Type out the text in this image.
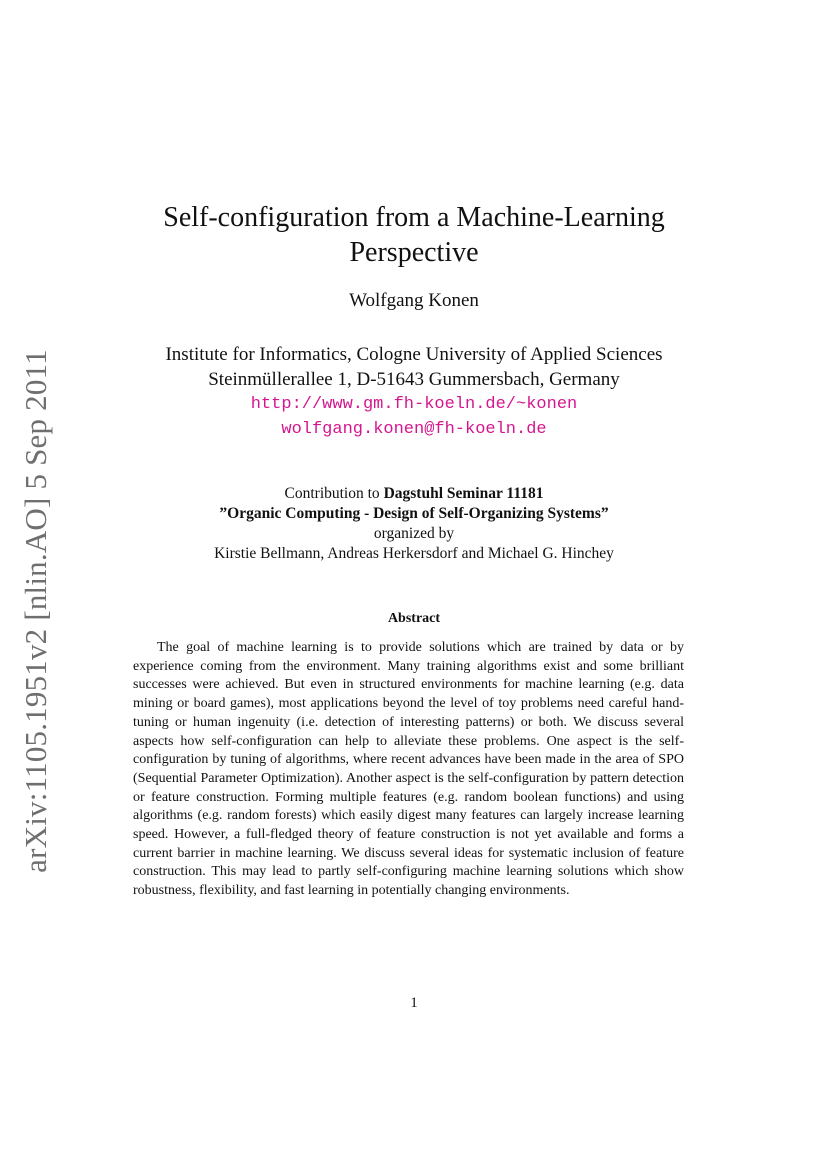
arXiv:1105.1951v2 [nlin.AO] 5 Sep 2011
Self-configuration from a Machine-Learning
Perspective
Wolfgang Konen
Institute for Informatics, Cologne University of Applied Sciences
Steinmüllerallee 1, D-51643 Gummersbach, Germany
http://www.gm.fh-koeln.de/~konen
wolfgang.konen@fh-koeln.de
Contribution to Dagstuhl Seminar 11181
”Organic Computing - Design of Self-Organizing Systems”
organized by
Kirstie Bellmann, Andreas Herkersdorf and Michael G. Hinchey
Abstract
The goal of machine learning is to provide solutions which are trained by data or by experience coming from the environment. Many training algorithms exist and some brilliant successes were achieved. But even in structured environments for machine learning (e.g. data mining or board games), most applications beyond the level of toy problems need careful hand-tuning or human ingenuity (i.e. detection of interesting patterns) or both. We discuss several aspects how self-configuration can help to alleviate these problems. One aspect is the self-configuration by tuning of algorithms, where recent advances have been made in the area of SPO (Sequential Parameter Optimization). Another aspect is the self-configuration by pattern detection or feature construction. Forming multiple features (e.g. random boolean functions) and using algorithms (e.g. random forests) which easily digest many features can largely increase learning speed. However, a full-fledged theory of feature construction is not yet available and forms a current barrier in machine learning. We discuss several ideas for systematic inclusion of feature construction. This may lead to partly self-configuring machine learning solutions which show robustness, flexibility, and fast learning in potentially changing environments.
1
